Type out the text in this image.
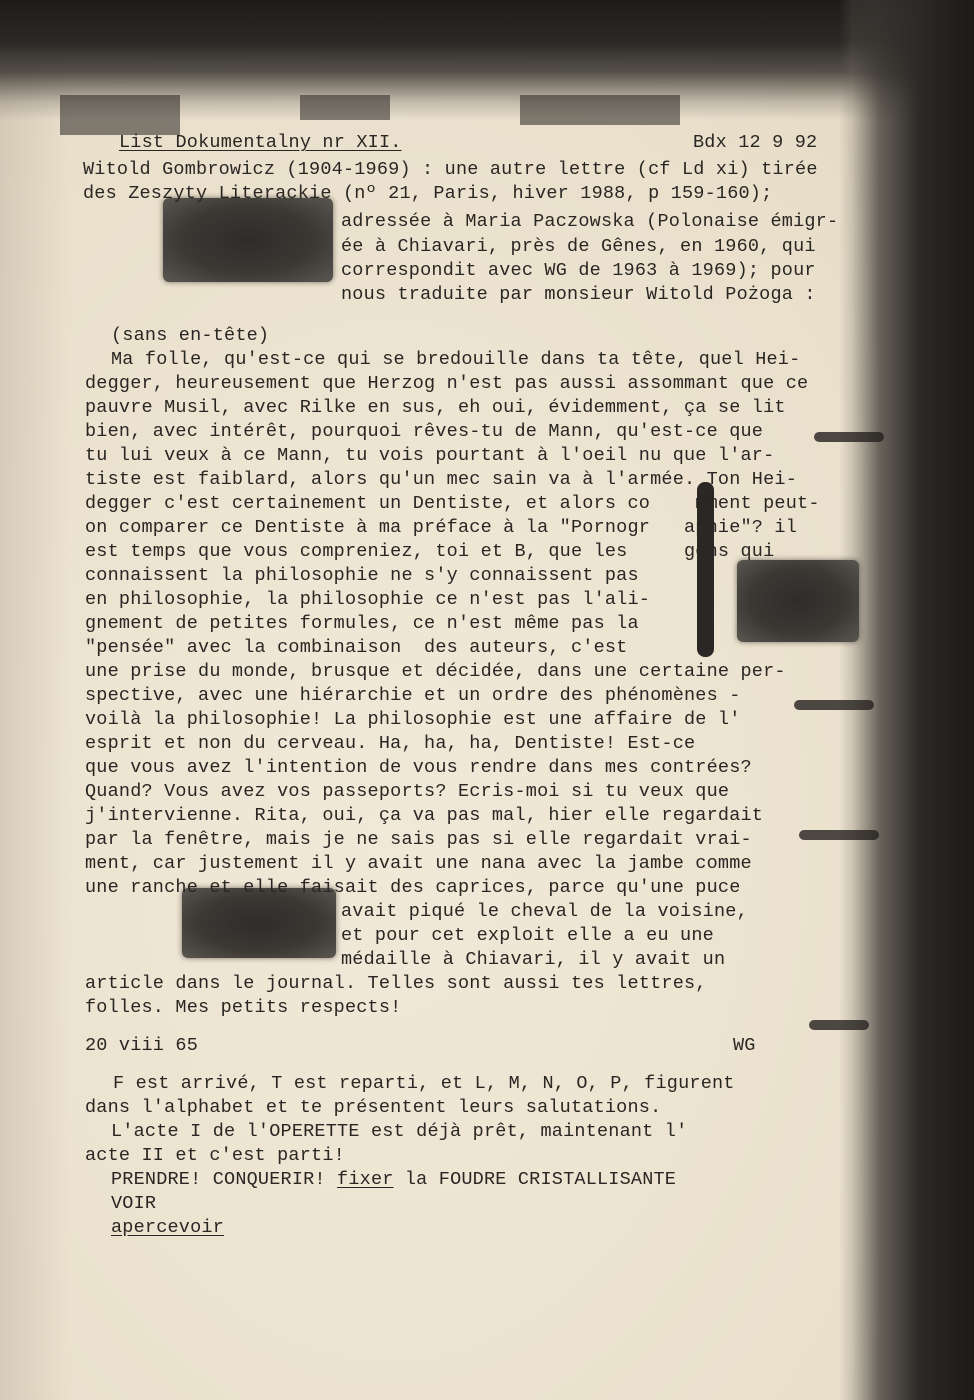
List Dokumentalny nr XII.	Bdx 12 9 92
Witold Gombrowicz (1904-1969) : une autre lettre (cf Ld xi) tirée
des Zeszyty Literackie (nº 21, Paris, hiver 1988, p 159-160);
adressée à Maria Paczowska (Polonaise émigr-
ée à Chiavari, près de Gênes, en 1960, qui
correspondit avec WG de 1963 à 1969); pour
nous traduite par monsieur Witold Pożoga :
(sans en-tête)
Ma folle, qu'est-ce qui se bredouille dans ta tête, quel Hei-
degger, heureusement que Herzog n'est pas aussi assommant que ce
pauvre Musil, avec Rilke en sus, eh oui, évidemment, ça se lit
bien, avec intérêt, pourquoi rêves-tu de Mann, qu'est-ce que
tu lui veux à ce Mann, tu vois pourtant à l'oeil nu que l'ar-
tiste est faiblard, alors qu'un mec sain va à l'armée. Ton Hei-
degger c'est certainement un Dentiste, et alors co    mment peut-
on comparer ce Dentiste à ma préface à la "Pornogr   aphie"? il
est temps que vous compreniez, toi et B, que les     gens qui
connaissent la philosophie ne s'y connaissent pas
en philosophie, la philosophie ce n'est pas l'ali-
gnement de petites formules, ce n'est même pas la
"pensée" avec la combinaison  des auteurs, c'est
une prise du monde, brusque et décidée, dans une certaine per-
spective, avec une hiérarchie et un ordre des phénomènes -
voilà la philosophie! La philosophie est une affaire de l'
esprit et non du cerveau. Ha, ha, ha, Dentiste! Est-ce
que vous avez l'intention de vous rendre dans mes contrées?
Quand? Vous avez vos passeports? Ecris-moi si tu veux que
j'intervienne. Rita, oui, ça va pas mal, hier elle regardait
par la fenêtre, mais je ne sais pas si elle regardait vrai-
ment, car justement il y avait une nana avec la jambe comme
une ranche et elle faisait des caprices, parce qu'une puce
avait piqué le cheval de la voisine,
et pour cet exploit elle a eu une
médaille à Chiavari, il y avait un
article dans le journal. Telles sont aussi tes lettres,
folles. Mes petits respects!
20 viii 65	WG
F est arrivé, T est reparti, et L, M, N, O, P, figurent
dans l'alphabet et te présentent leurs salutations.
L'acte I de l'OPERETTE est déjà prêt, maintenant l'
acte II et c'est parti!
PRENDRE! CONQUERIR! fixer la FOUDRE CRISTALLISANTE
VOIR
apercevoir
